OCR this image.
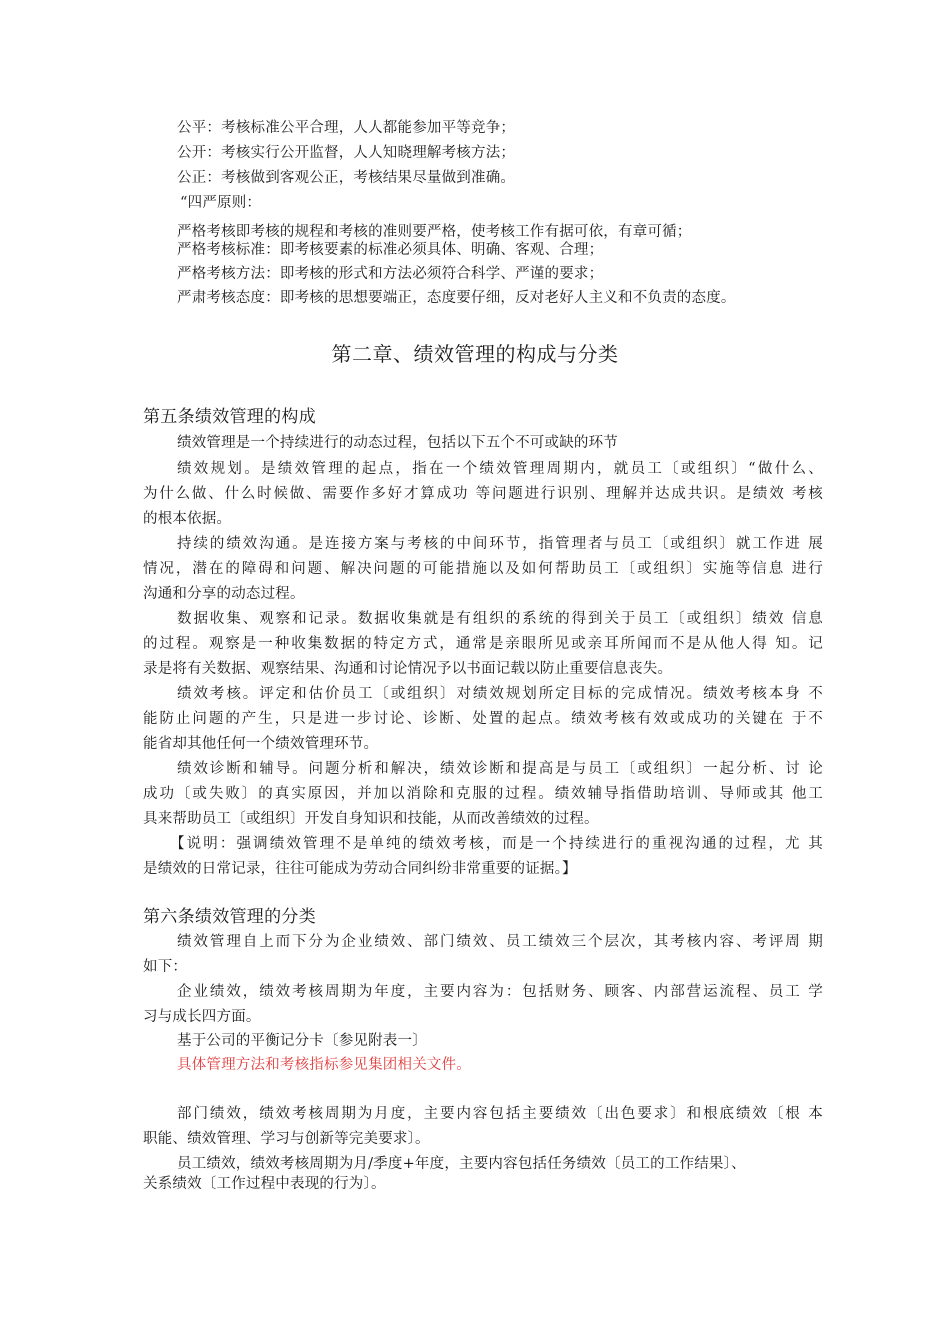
公平：考核标准公平合理，人人都能参加平等竞争；
公开：考核实行公开监督，人人知晓理解考核方法；
公正：考核做到客观公正，考核结果尽量做到准确。
“四严原则：
严格考核即考核的规程和考核的准则要严格，使考核工作有据可依，有章可循；
严格考核标准：即考核要素的标准必须具体、明确、客观、合理；
严格考核方法：即考核的形式和方法必须符合科学、严谨的要求；
严肃考核态度：即考核的思想要端正，态度要仔细，反对老好人主义和不负责的态度。
第二章、绩效管理的构成与分类
第五条绩效管理的构成
绩效管理是一个持续进行的动态过程，包括以下五个不可或缺的环节
绩效规划。是绩效管理的起点，指在一个绩效管理周期内，就员工〔或组织〕“做什么、
为什么做、什么时候做、需要作多好才算成功 等问题进行识别、理解并达成共识。是绩效 考核
的根本依据。
持续的绩效沟通。是连接方案与考核的中间环节，指管理者与员工〔或组织〕就工作进 展
情况，潜在的障碍和问题、解决问题的可能措施以及如何帮助员工〔或组织〕实施等信息 进行
沟通和分享的动态过程。
数据收集、观察和记录。数据收集就是有组织的系统的得到关于员工〔或组织〕绩效 信息
的过程。观察是一种收集数据的特定方式，通常是亲眼所见或亲耳所闻而不是从他人得 知。记
录是将有关数据、观察结果、沟通和讨论情况予以书面记载以防止重要信息丧失。
绩效考核。评定和估价员工〔或组织〕对绩效规划所定目标的完成情况。绩效考核本身 不
能防止问题的产生，只是进一步讨论、诊断、处置的起点。绩效考核有效或成功的关键在 于不
能省却其他任何一个绩效管理环节。
绩效诊断和辅导。问题分析和解决，绩效诊断和提高是与员工〔或组织〕一起分析、讨 论
成功〔或失败〕的真实原因，并加以消除和克服的过程。绩效辅导指借助培训、导师或其 他工
具来帮助员工〔或组织〕开发自身知识和技能，从而改善绩效的过程。
【说明：强调绩效管理不是单纯的绩效考核，而是一个持续进行的重视沟通的过程，尤 其
是绩效的日常记录，往往可能成为劳动合同纠纷非常重要的证据。】
第六条绩效管理的分类
绩效管理自上而下分为企业绩效、部门绩效、员工绩效三个层次，其考核内容、考评周 期
如下：
企业绩效，绩效考核周期为年度，主要内容为：包括财务、顾客、内部营运流程、员工 学
习与成长四方面。
基于公司的平衡记分卡〔参见附表一〕
具体管理方法和考核指标参见集团相关文件。
部门绩效，绩效考核周期为月度，主要内容包括主要绩效〔出色要求〕和根底绩效〔根 本
职能、绩效管理、学习与创新等完美要求〕。
员工绩效，绩效考核周期为月/季度+年度，主要内容包括任务绩效〔员工的工作结果〕、
关系绩效〔工作过程中表现的行为〕。
